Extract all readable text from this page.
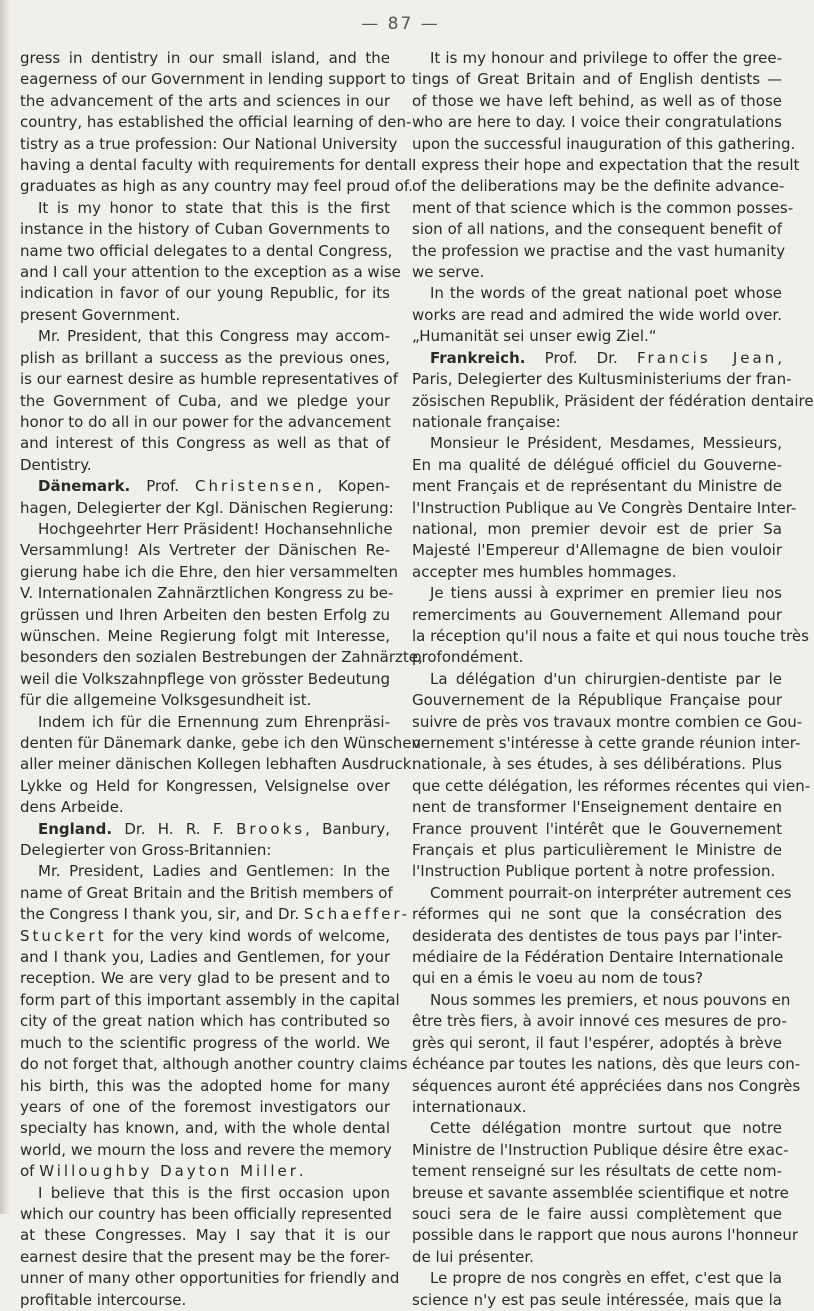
— 87 —
gress in dentistry in our small island, and the
eagerness of our Government in lending support to
the advancement of the arts and sciences in our
country, has established the official learning of den-
tistry as a true profession: Our National University
having a dental faculty with requirements for dental
graduates as high as any country may feel proud of.
It is my honor to state that this is the first
instance in the history of Cuban Governments to
name two official delegates to a dental Congress,
and I call your attention to the exception as a wise
indication in favor of our young Republic, for its
present Government.
Mr. President, that this Congress may accom-
plish as brillant a success as the previous ones,
is our earnest desire as humble representatives of
the Government of Cuba, and we pledge your
honor to do all in our power for the advancement
and interest of this Congress as well as that of
Dentistry.
Dänemark. Prof. Christensen, Kopen-
hagen, Delegierter der Kgl. Dänischen Regierung:
Hochgeehrter Herr Präsident! Hochansehnliche
Versammlung! Als Vertreter der Dänischen Re-
gierung habe ich die Ehre, den hier versammelten
V. Internationalen Zahnärztlichen Kongress zu be-
grüssen und Ihren Arbeiten den besten Erfolg zu
wünschen. Meine Regierung folgt mit Interesse,
besonders den sozialen Bestrebungen der Zahnärzte,
weil die Volkszahnpflege von grösster Bedeutung
für die allgemeine Volksgesundheit ist.
Indem ich für die Ernennung zum Ehrenpräsi-
denten für Dänemark danke, gebe ich den Wünschen
aller meiner dänischen Kollegen lebhaften Ausdruck:
Lykke og Held for Kongressen, Velsignelse over
dens Arbeide.
England. Dr. H. R. F. Brooks, Banbury,
Delegierter von Gross-Britannien:
Mr. President, Ladies and Gentlemen: In the
name of Great Britain and the British members of
the Congress I thank you, sir, and Dr. Schaeffer-
Stuckert for the very kind words of welcome,
and I thank you, Ladies and Gentlemen, for your
reception. We are very glad to be present and to
form part of this important assembly in the capital
city of the great nation which has contributed so
much to the scientific progress of the world. We
do not forget that, although another country claims
his birth, this was the adopted home for many
years of one of the foremost investigators our
specialty has known, and, with the whole dental
world, we mourn the loss and revere the memory
of Willoughby Dayton Miller.
I believe that this is the first occasion upon
which our country has been officially represented
at these Congresses. May I say that it is our
earnest desire that the present may be the forer-
unner of many other opportunities for friendly and
profitable intercourse.
It is my honour and privilege to offer the gree-
tings of Great Britain and of English dentists —
of those we have left behind, as well as of those
who are here to day. I voice their congratulations
upon the successful inauguration of this gathering.
I express their hope and expectation that the result
of the deliberations may be the definite advance-
ment of that science which is the common posses-
sion of all nations, and the consequent benefit of
the profession we practise and the vast humanity
we serve.
In the words of the great national poet whose
works are read and admired the wide world over.
„Humanität sei unser ewig Ziel.“
Frankreich. Prof. Dr. Francis Jean,
Paris, Delegierter des Kultusministeriums der fran-
zösischen Republik, Präsident der fédération dentaire
nationale française:
Monsieur le Président, Mesdames, Messieurs,
En ma qualité de délégué officiel du Gouverne-
ment Français et de représentant du Ministre de
l'Instruction Publique au Ve Congrès Dentaire Inter-
national, mon premier devoir est de prier Sa
Majesté l'Empereur d'Allemagne de bien vouloir
accepter mes humbles hommages.
Je tiens aussi à exprimer en premier lieu nos
remerciments au Gouvernement Allemand pour
la réception qu'il nous a faite et qui nous touche très
profondément.
La délégation d'un chirurgien-dentiste par le
Gouvernement de la République Française pour
suivre de près vos travaux montre combien ce Gou-
vernement s'intéresse à cette grande réunion inter-
nationale, à ses études, à ses délibérations. Plus
que cette délégation, les réformes récentes qui vien-
nent de transformer l'Enseignement dentaire en
France prouvent l'intérêt que le Gouvernement
Français et plus particulièrement le Ministre de
l'Instruction Publique portent à notre profession.
Comment pourrait-on interpréter autrement ces
réformes qui ne sont que la consécration des
desiderata des dentistes de tous pays par l'inter-
médiaire de la Fédération Dentaire Internationale
qui en a émis le voeu au nom de tous?
Nous sommes les premiers, et nous pouvons en
être très fiers, à avoir innové ces mesures de pro-
grès qui seront, il faut l'espérer, adoptés à brève
échéance par toutes les nations, dès que leurs con-
séquences auront été appréciées dans nos Congrès
internationaux.
Cette délégation montre surtout que notre
Ministre de l'Instruction Publique désire être exac-
tement renseigné sur les résultats de cette nom-
breuse et savante assemblée scientifique et notre
souci sera de le faire aussi complètement que
possible dans le rapport que nous aurons l'honneur
de lui présenter.
Le propre de nos congrès en effet, c'est que la
science n'y est pas seule intéressée, mais que la
